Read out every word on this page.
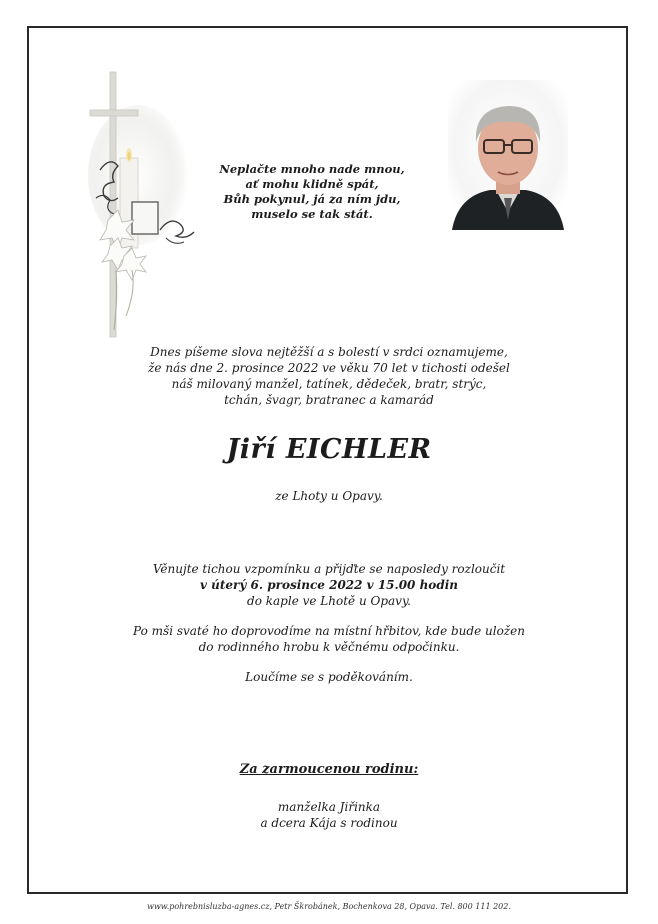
Neplačte mnoho nade mnou,
ať mohu klidně spát,
Bůh pokynul, já za ním jdu,
muselo se tak stát.
Dnes píšeme slova nejtěžší a s bolestí v srdci oznamujeme,
že nás dne 2. prosince 2022 ve věku 70 let v tichosti odešel
náš milovaný manžel, tatínek, dědeček, bratr, strýc,
tchán, švagr, bratranec a kamarád
Jiří EICHLER
ze Lhoty u Opavy.
Věnujte tichou vzpomínku a přijďte se naposledy rozloučit
v úterý 6. prosince 2022 v 15.00 hodin
do kaple ve Lhotě u Opavy.
Po mši svaté ho doprovodíme na místní hřbitov, kde bude uložen
do rodinného hrobu k věčnému odpočinku.
Loučíme se s poděkováním.
Za zarmoucenou rodinu:
manželka Jiřinka
a dcera Kája s rodinou
www.pohrebnisluzba-agnes.cz, Petr Škrobánek, Bochenkova 28, Opava. Tel. 800 111 202.
